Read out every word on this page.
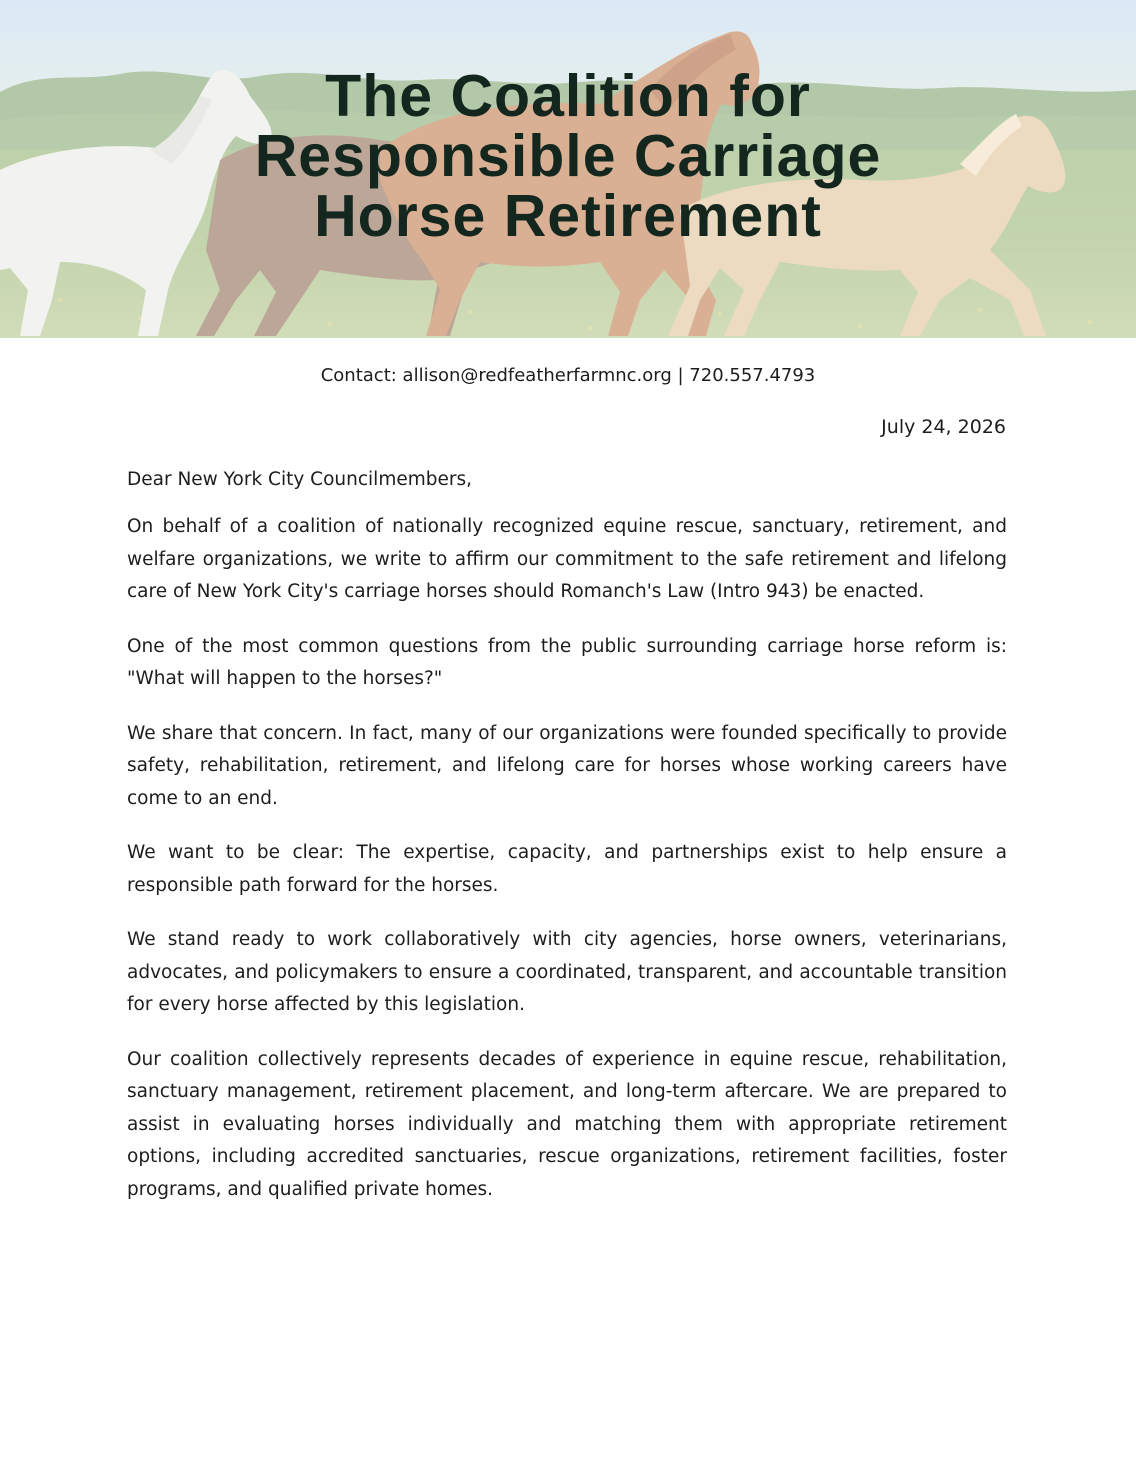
The Coalition for
Responsible Carriage
Horse Retirement
Contact: allison@redfeatherfarmnc.org | 720.557.4793
July 24, 2026

Dear New York City Councilmembers,

On behalf of a coalition of nationally recognized equine rescue, sanctuary, retirement, and welfare organizations, we write to affirm our commitment to the safe retirement and lifelong care of New York City's carriage horses should Romanch's Law (Intro 943) be enacted.

One of the most common questions from the public surrounding carriage horse reform is: "What will happen to the horses?"

We share that concern. In fact, many of our organizations were founded specifically to provide safety, rehabilitation, retirement, and lifelong care for horses whose working careers have come to an end.

We want to be clear: The expertise, capacity, and partnerships exist to help ensure a responsible path forward for the horses.

We stand ready to work collaboratively with city agencies, horse owners, veterinarians, advocates, and policymakers to ensure a coordinated, transparent, and accountable transition for every horse affected by this legislation.

Our coalition collectively represents decades of experience in equine rescue, rehabilitation, sanctuary management, retirement placement, and long-term aftercare. We are prepared to assist in evaluating horses individually and matching them with appropriate retirement options, including accredited sanctuaries, rescue organizations, retirement facilities, foster programs, and qualified private homes.
